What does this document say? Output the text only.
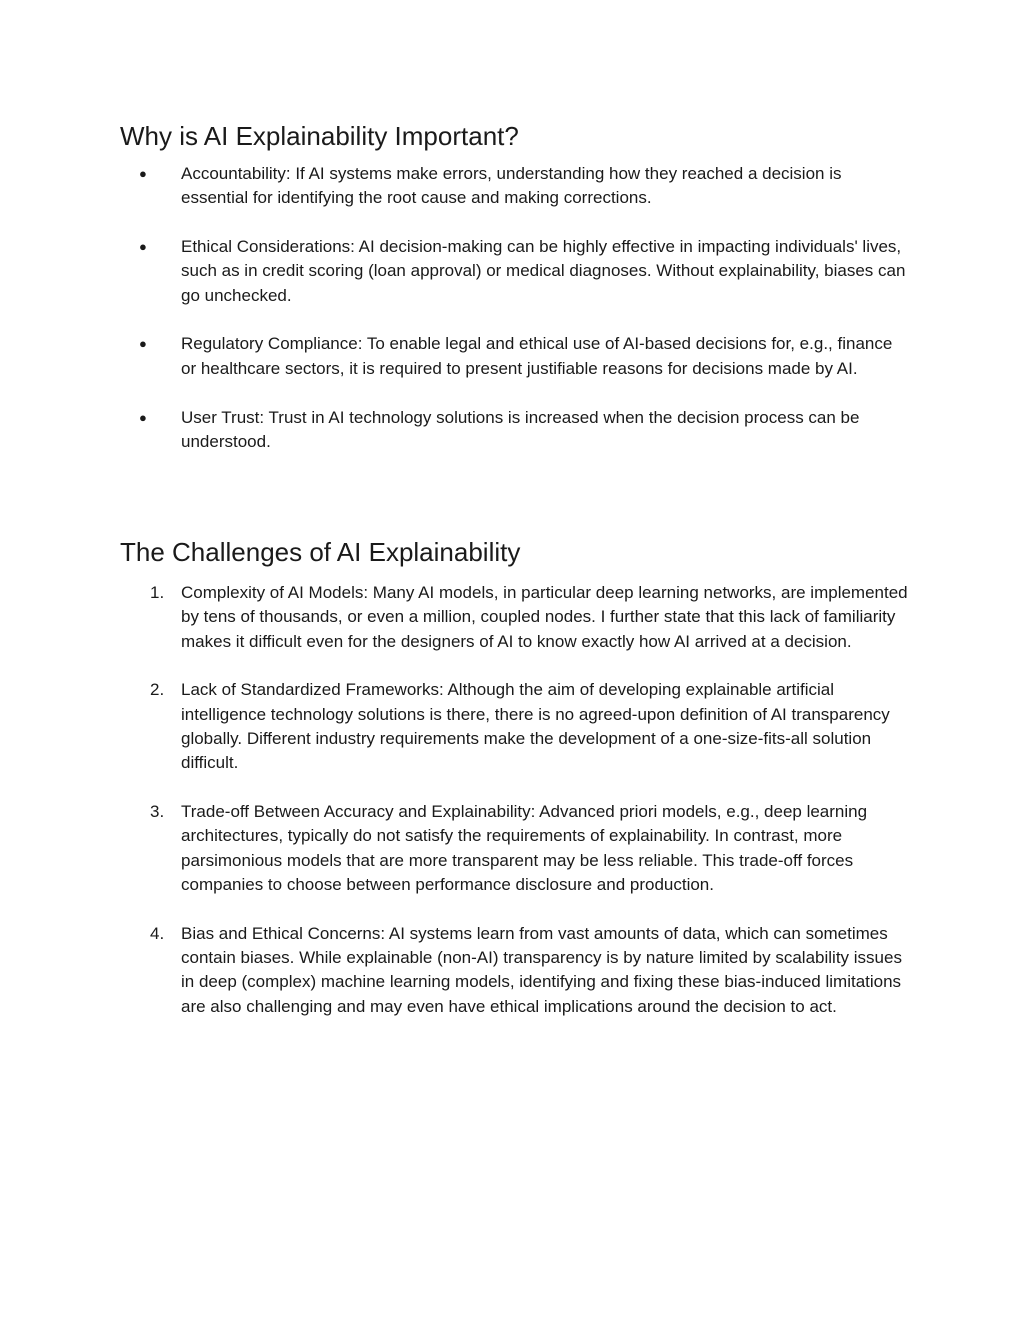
Why is AI Explainability Important?
● Accountability: If AI systems make errors, understanding how they reached a decision is essential for identifying the root cause and making corrections.
● Ethical Considerations: AI decision-making can be highly effective in impacting individuals' lives, such as in credit scoring (loan approval) or medical diagnoses. Without explainability, biases can go unchecked.
● Regulatory Compliance: To enable legal and ethical use of AI-based decisions for, e.g., finance or healthcare sectors, it is required to present justifiable reasons for decisions made by AI.
● User Trust: Trust in AI technology solutions is increased when the decision process can be understood.
The Challenges of AI Explainability
1. Complexity of AI Models: Many AI models, in particular deep learning networks, are implemented by tens of thousands, or even a million, coupled nodes. I further state that this lack of familiarity makes it difficult even for the designers of AI to know exactly how AI arrived at a decision.
2. Lack of Standardized Frameworks: Although the aim of developing explainable artificial intelligence technology solutions is there, there is no agreed-upon definition of AI transparency globally. Different industry requirements make the development of a one-size-fits-all solution difficult.
3. Trade-off Between Accuracy and Explainability: Advanced priori models, e.g., deep learning architectures, typically do not satisfy the requirements of explainability. In contrast, more parsimonious models that are more transparent may be less reliable. This trade-off forces companies to choose between performance disclosure and production.
4. Bias and Ethical Concerns: AI systems learn from vast amounts of data, which can sometimes contain biases. While explainable (non-AI) transparency is by nature limited by scalability issues in deep (complex) machine learning models, identifying and fixing these bias-induced limitations are also challenging and may even have ethical implications around the decision to act.
